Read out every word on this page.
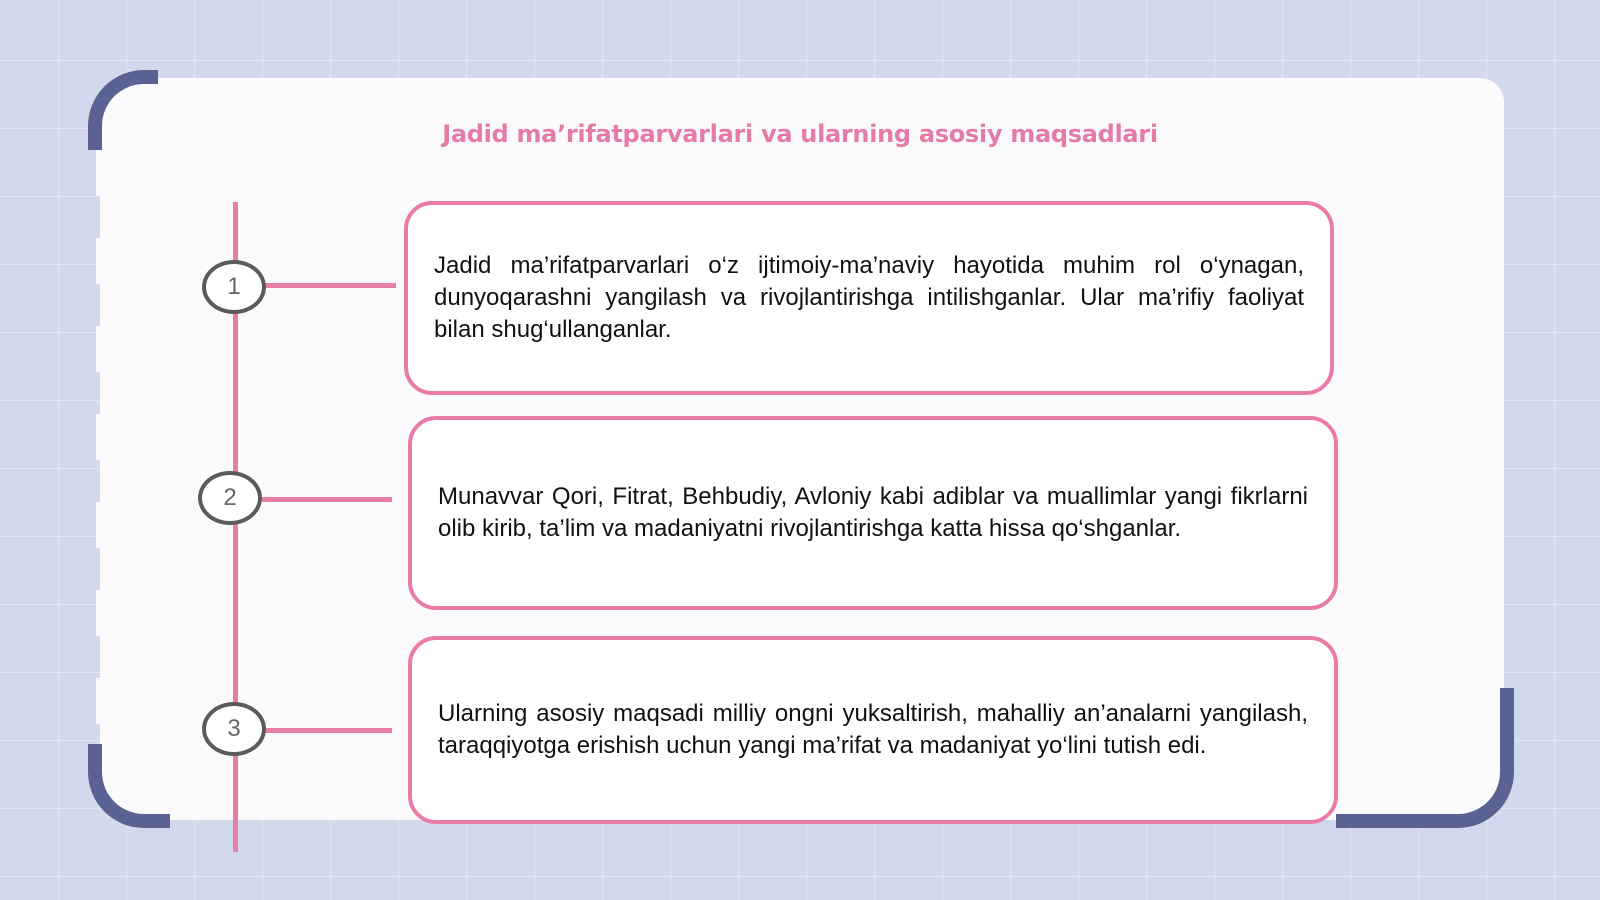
Jadid ma’rifatparvarlari va ularning asosiy maqsadlari
1
2
3

Jadid ma’rifatparvarlari o‘z ijtimoiy-ma’naviy hayotida muhim rol o‘ynagan, dunyoqarashni yangilash va rivojlantirishga intilishganlar. Ular ma’rifiy faoliyat bilan shug‘ullanganlar.

Munavvar Qori, Fitrat, Behbudiy, Avloniy kabi adiblar va muallimlar yangi fikrlarni olib kirib, ta’lim va madaniyatni rivojlantirishga katta hissa qo‘shganlar.

Ularning asosiy maqsadi milliy ongni yuksaltirish, mahalliy an’analarni yangilash, taraqqiyotga erishish uchun yangi ma’rifat va madaniyat yo‘lini tutish edi.
